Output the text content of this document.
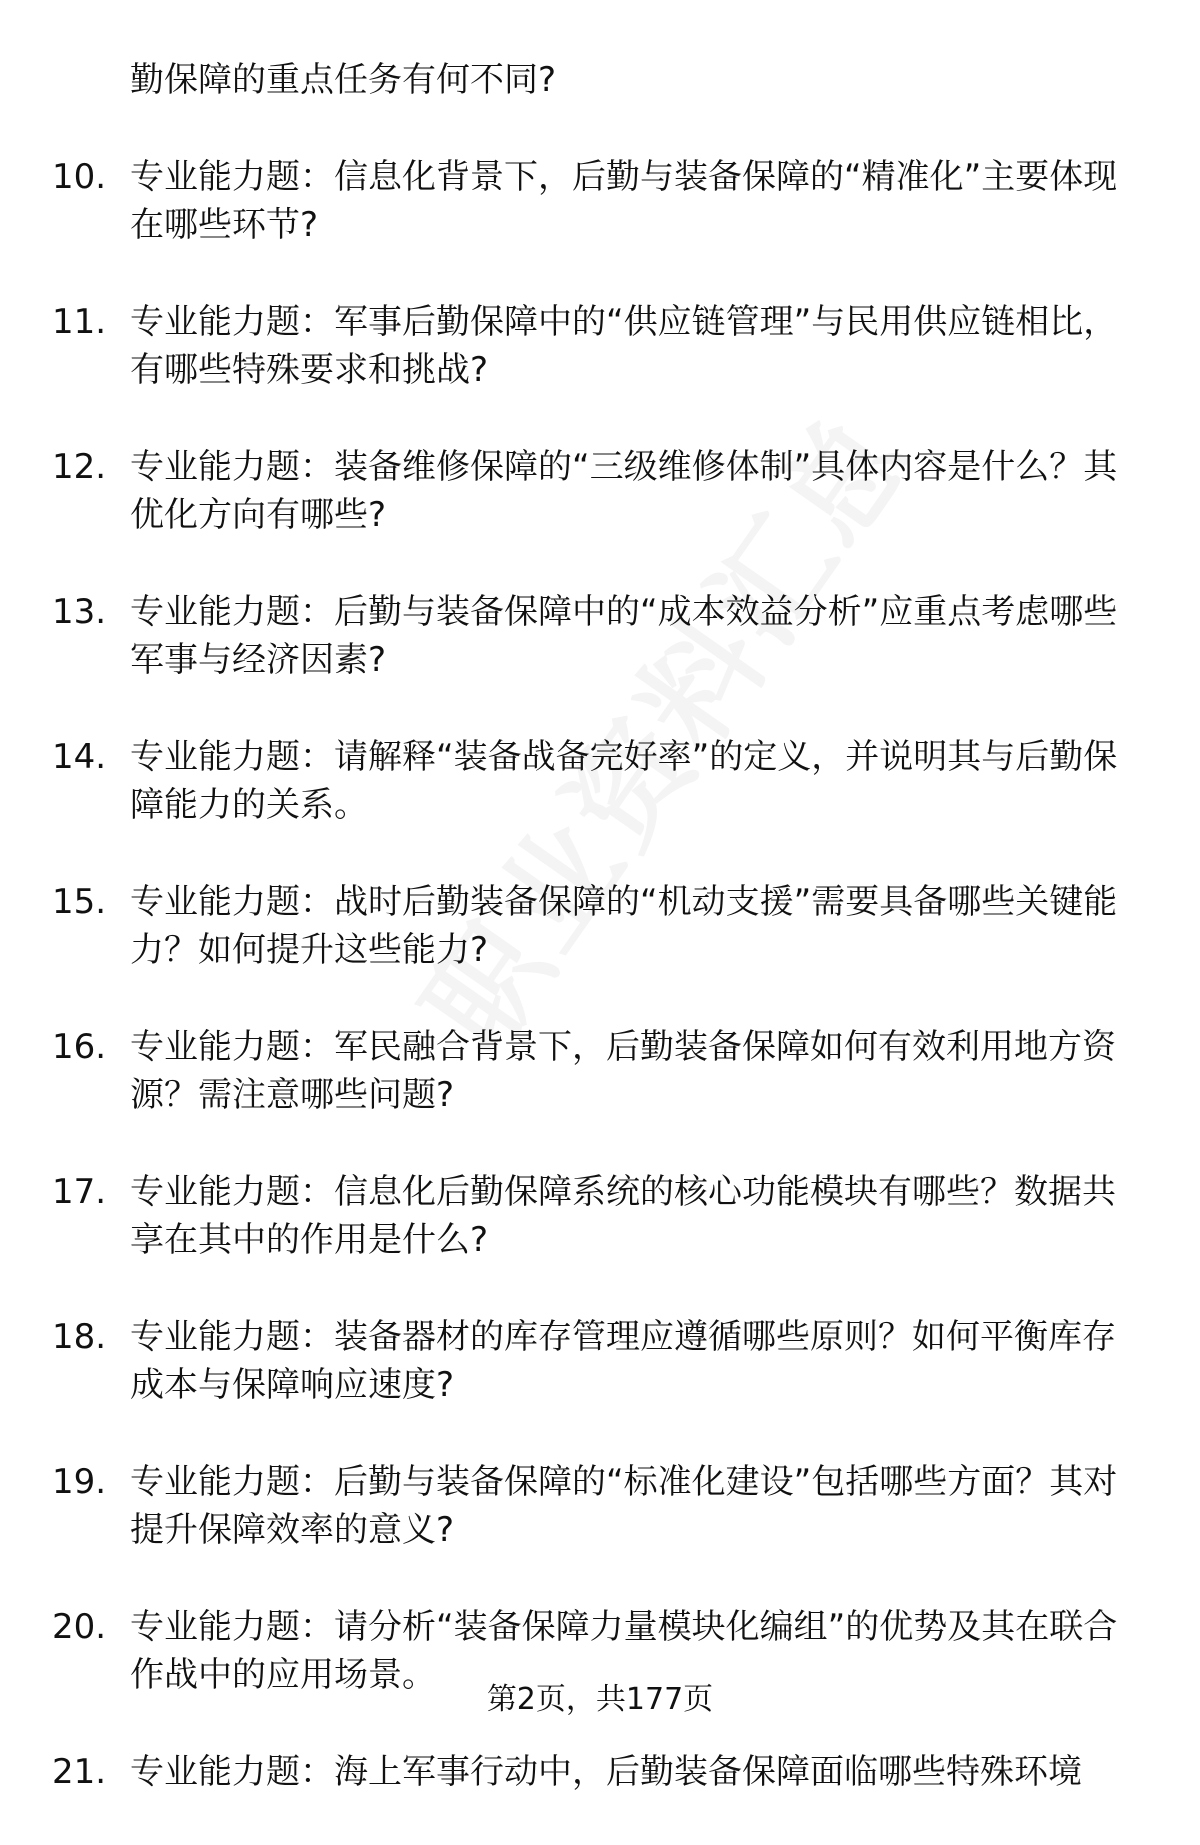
勤保障的重点任务有何不同?
10. 专业能力题：信息化背景下，后勤与装备保障的“精准化”主要体现在哪些环节?
11. 专业能力题：军事后勤保障中的“供应链管理”与民用供应链相比，有哪些特殊要求和挑战?
12. 专业能力题：装备维修保障的“三级维修体制”具体内容是什么？其优化方向有哪些?
13. 专业能力题：后勤与装备保障中的“成本效益分析”应重点考虑哪些军事与经济因素?
14. 专业能力题：请解释“装备战备完好率”的定义，并说明其与后勤保障能力的关系。
15. 专业能力题：战时后勤装备保障的“机动支援”需要具备哪些关键能力？如何提升这些能力?
16. 专业能力题：军民融合背景下，后勤装备保障如何有效利用地方资源？需注意哪些问题?
17. 专业能力题：信息化后勤保障系统的核心功能模块有哪些？数据共享在其中的作用是什么?
18. 专业能力题：装备器材的库存管理应遵循哪些原则？如何平衡库存成本与保障响应速度?
19. 专业能力题：后勤与装备保障的“标准化建设”包括哪些方面？其对提升保障效率的意义?
20. 专业能力题：请分析“装备保障力量模块化编组”的优势及其在联合作战中的应用场景。
21. 专业能力题：海上军事行动中，后勤装备保障面临哪些特殊环境
第2页，共177页
